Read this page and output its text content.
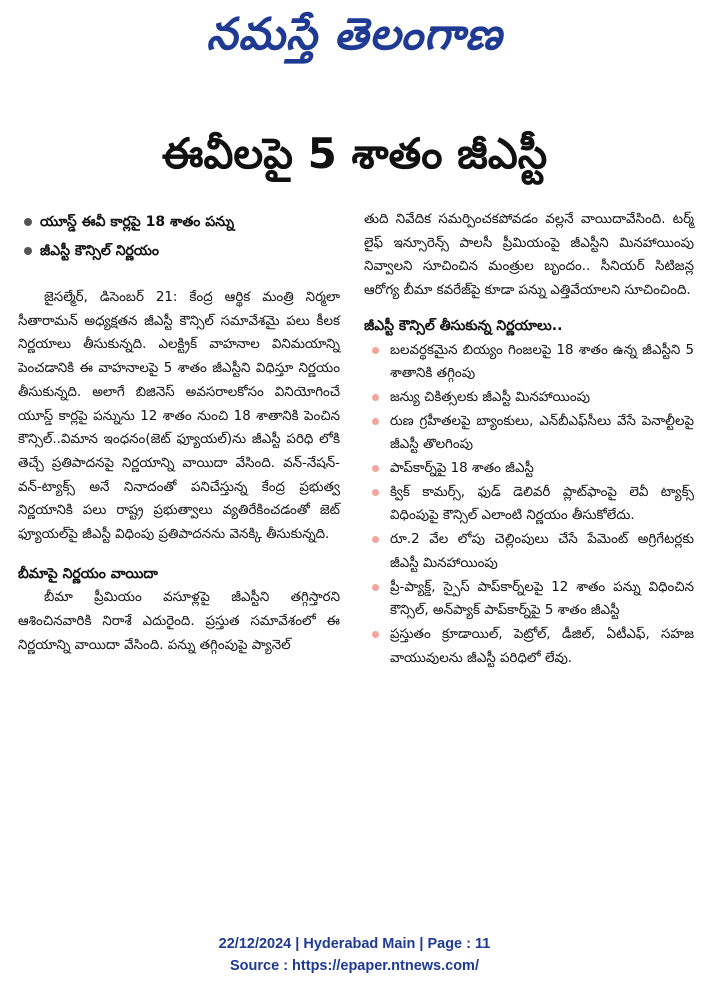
నమస్తే తెలంగాణ
ఈవీలపై 5 శాతం జీఎస్టీ
యూస్డ్ ఈవీ కార్లపై 18 శాతం పన్ను
జీఎస్టీ కౌన్సిల్ నిర్ణయం

జైసల్మేర్, డిసెంబర్ 21: కేంద్ర ఆర్థిక మంత్రి నిర్మలా సీతారామన్ అధ్యక్షతన జీఎస్టీ కౌన్సిల్ సమావేశమై పలు కీలక నిర్ణయాలు తీసుకున్నది. ఎలక్ట్రిక్ వాహనాల వినిమయాన్ని పెంచడానికి ఈ వాహనాలపై 5 శాతం జీఎస్టీని విధిస్తూ నిర్ణయం తీసుకున్నది. అలాగే బిజినెస్ అవసరాలకోసం వినియోగించే యూస్డ్ కార్లపై పన్నును 12 శాతం నుంచి 18 శాతానికి పెంచిన కౌన్సిల్..విమాన ఇంధనం(జెట్ ఫ్యూయల్)ను జీఎస్టీ పరిధి లోకి తెచ్చే ప్రతిపాదనపై నిర్ణయాన్ని వాయిదా వేసింది. వన్-నేషన్-వన్-ట్యాక్స్ అనే నినాదంతో పనిచేస్తున్న కేంద్ర ప్రభుత్వ నిర్ణయానికి పలు రాష్ట్ర ప్రభుత్వాలు వ్యతిరేకించడంతో జెట్ ఫ్యూయల్‌పై జీఎస్టీ విధింపు ప్రతిపాదనను వెనక్కి తీసుకున్నది.

బీమాపై నిర్ణయం వాయిదా

బీమా ప్రీమియం వసూళ్లపై జీఎస్టీని తగ్గిస్తారని ఆశించినవారికి నిరాశే ఎదురైంది. ప్రస్తుత సమావేశంలో ఈ నిర్ణయాన్ని వాయిదా వేసింది. పన్ను తగ్గింపుపై ప్యానెల్

తుది నివేదిక సమర్పించకపోవడం వల్లనే వాయిదావేసింది. టర్మ్ లైఫ్ ఇన్సూరెన్స్ పాలసీ ప్రీమియంపై జీఎస్టీని మినహాయింపు నివ్వాలని సూచించిన మంత్రుల బృందం.. సీనియర్ సిటిజన్ల ఆరోగ్య బీమా కవరేజ్‌పై కూడా పన్ను ఎత్తివేయాలని సూచించింది.

జీఎస్టీ కౌన్సిల్ తీసుకున్న నిర్ణయాలు..

బలవర్థకమైన బియ్యం గింజలపై 18 శాతం ఉన్న జీఎస్టీని 5 శాతానికి తగ్గింపు
జన్యు చికిత్సలకు జీఎస్టీ మినహాయింపు
రుణ గ్రహీతలపై బ్యాంకులు, ఎన్‌బీఎఫ్‌సీలు వేసే పెనాల్టీలపై జీఎస్టీ తొలగింపు
పాప్‌కార్న్‌పై 18 శాతం జీఎస్టీ
క్విక్ కామర్స్, ఫుడ్ డెలివరీ ప్లాట్‌ఫాంపై లెవీ ట్యాక్స్ విధింపుపై కౌన్సిల్ ఎలాంటి నిర్ణయం తీసుకోలేదు.
రూ.2 వేల లోపు చెల్లింపులు చేసే పేమెంట్ అగ్రిగేటర్లకు జీఎస్టీ మినహాయింపు
ప్రీ-ప్యాక్డ్, స్పైస్ పాప్‌కార్న్‌లపై 12 శాతం పన్ను విధించిన కౌన్సిల్, అన్‌ప్యాక్ పాప్‌కార్న్‌పై 5 శాతం జీఎస్టీ
ప్రస్తుతం క్రూడాయిల్, పెట్రోల్, డీజిల్, ఏటీఎఫ్, సహజ వాయువులను జీఎస్టీ పరిధిలో లేవు.
22/12/2024 | Hyderabad Main | Page : 11
Source : https://epaper.ntnews.com/
